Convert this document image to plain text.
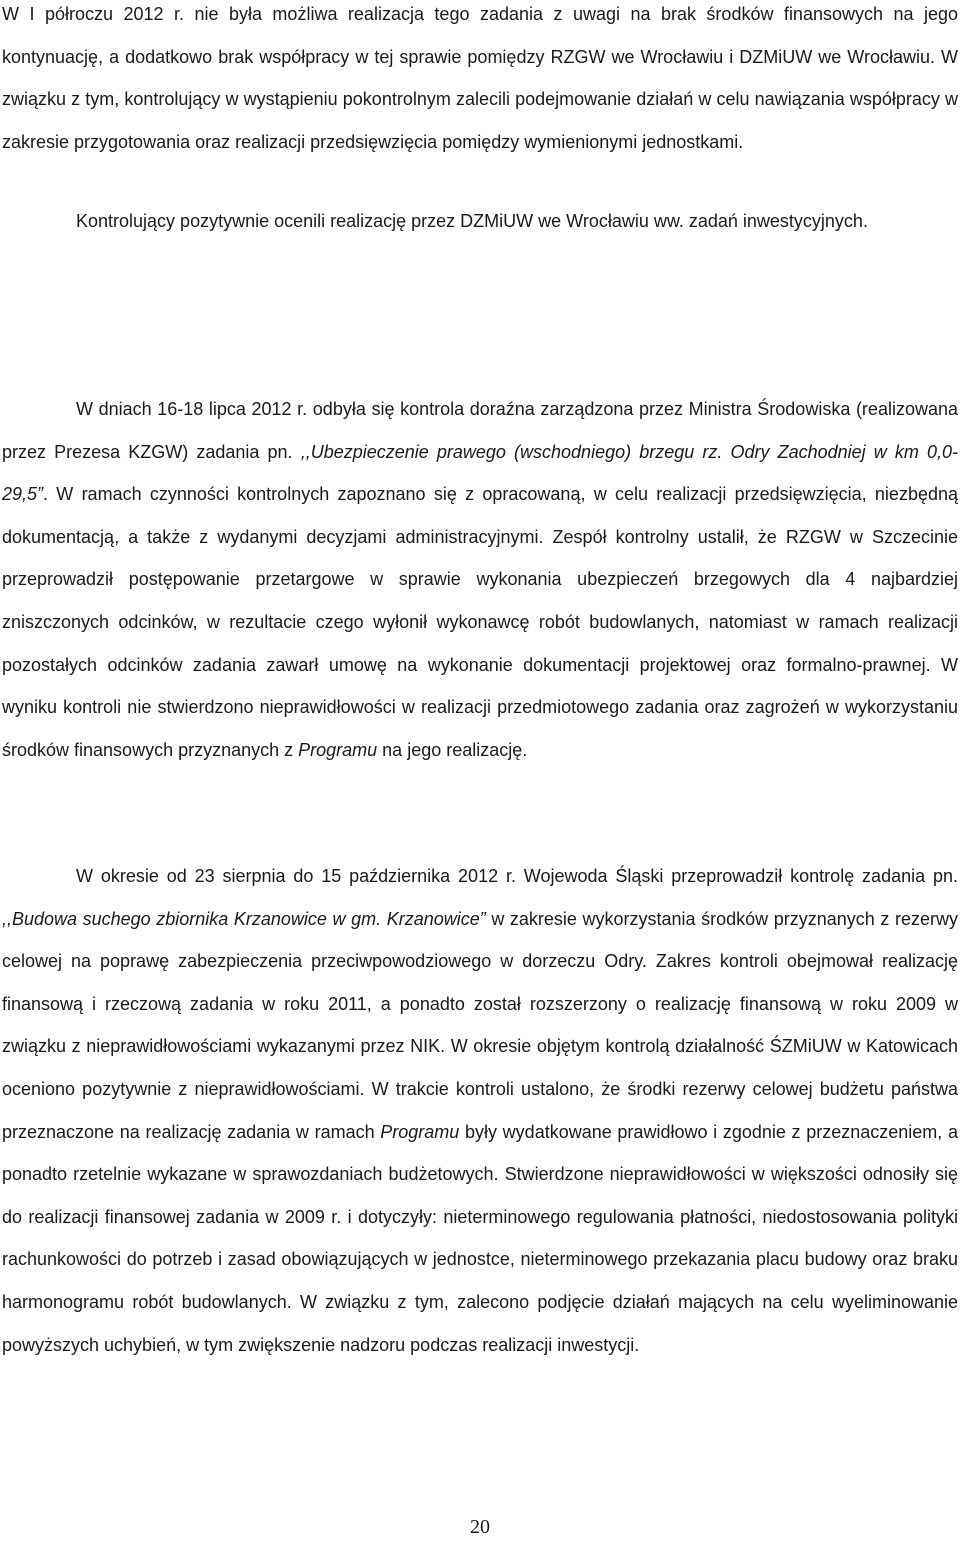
W I półroczu 2012 r. nie była możliwa realizacja tego zadania z uwagi na brak środków finansowych na jego kontynuację, a dodatkowo brak współpracy w tej sprawie pomiędzy RZGW we Wrocławiu i DZMiUW we Wrocławiu. W związku z tym, kontrolujący w wystąpieniu pokontrolnym zalecili podejmowanie działań w celu nawiązania współpracy w zakresie przygotowania oraz realizacji przedsięwzięcia pomiędzy wymienionymi jednostkami.

Kontrolujący pozytywnie ocenili realizację przez DZMiUW we Wrocławiu ww. zadań inwestycyjnych.

W dniach 16-18 lipca 2012 r. odbyła się kontrola doraźna zarządzona przez Ministra Środowiska (realizowana przez Prezesa KZGW) zadania pn. ,,Ubezpieczenie prawego (wschodniego) brzegu rz. Odry Zachodniej w km 0,0-29,5”. W ramach czynności kontrolnych zapoznano się z opracowaną, w celu realizacji przedsięwzięcia, niezbędną dokumentacją, a także z wydanymi decyzjami administracyjnymi. Zespół kontrolny ustalił, że RZGW w Szczecinie przeprowadził postępowanie przetargowe w sprawie wykonania ubezpieczeń brzegowych dla 4 najbardziej zniszczonych odcinków, w rezultacie czego wyłonił wykonawcę robót budowlanych, natomiast w ramach realizacji pozostałych odcinków zadania zawarł umowę na wykonanie dokumentacji projektowej oraz formalno-prawnej. W wyniku kontroli nie stwierdzono nieprawidłowości w realizacji przedmiotowego zadania oraz zagrożeń w wykorzystaniu środków finansowych przyznanych z Programu na jego realizację.

W okresie od 23 sierpnia do 15 października 2012 r. Wojewoda Śląski przeprowadził kontrolę zadania pn. ,,Budowa suchego zbiornika Krzanowice w gm. Krzanowice” w zakresie wykorzystania środków przyznanych z rezerwy celowej na poprawę zabezpieczenia przeciwpowodziowego w dorzeczu Odry. Zakres kontroli obejmował realizację finansową i rzeczową zadania w roku 2011, a ponadto został rozszerzony o realizację finansową w roku 2009 w związku z nieprawidłowościami wykazanymi przez NIK. W okresie objętym kontrolą działalność ŚZMiUW w Katowicach oceniono pozytywnie z nieprawidłowościami. W trakcie kontroli ustalono, że środki rezerwy celowej budżetu państwa przeznaczone na realizację zadania w ramach Programu były wydatkowane prawidłowo i zgodnie z przeznaczeniem, a ponadto rzetelnie wykazane w sprawozdaniach budżetowych. Stwierdzone nieprawidłowości w większości odnosiły się do realizacji finansowej zadania w 2009 r. i dotyczyły: nieterminowego regulowania płatności, niedostosowania polityki rachunkowości do potrzeb i zasad obowiązujących w jednostce, nieterminowego przekazania placu budowy oraz braku harmonogramu robót budowlanych. W związku z tym, zalecono podjęcie działań mających na celu wyeliminowanie powyższych uchybień, w tym zwiększenie nadzoru podczas realizacji inwestycji.

20
